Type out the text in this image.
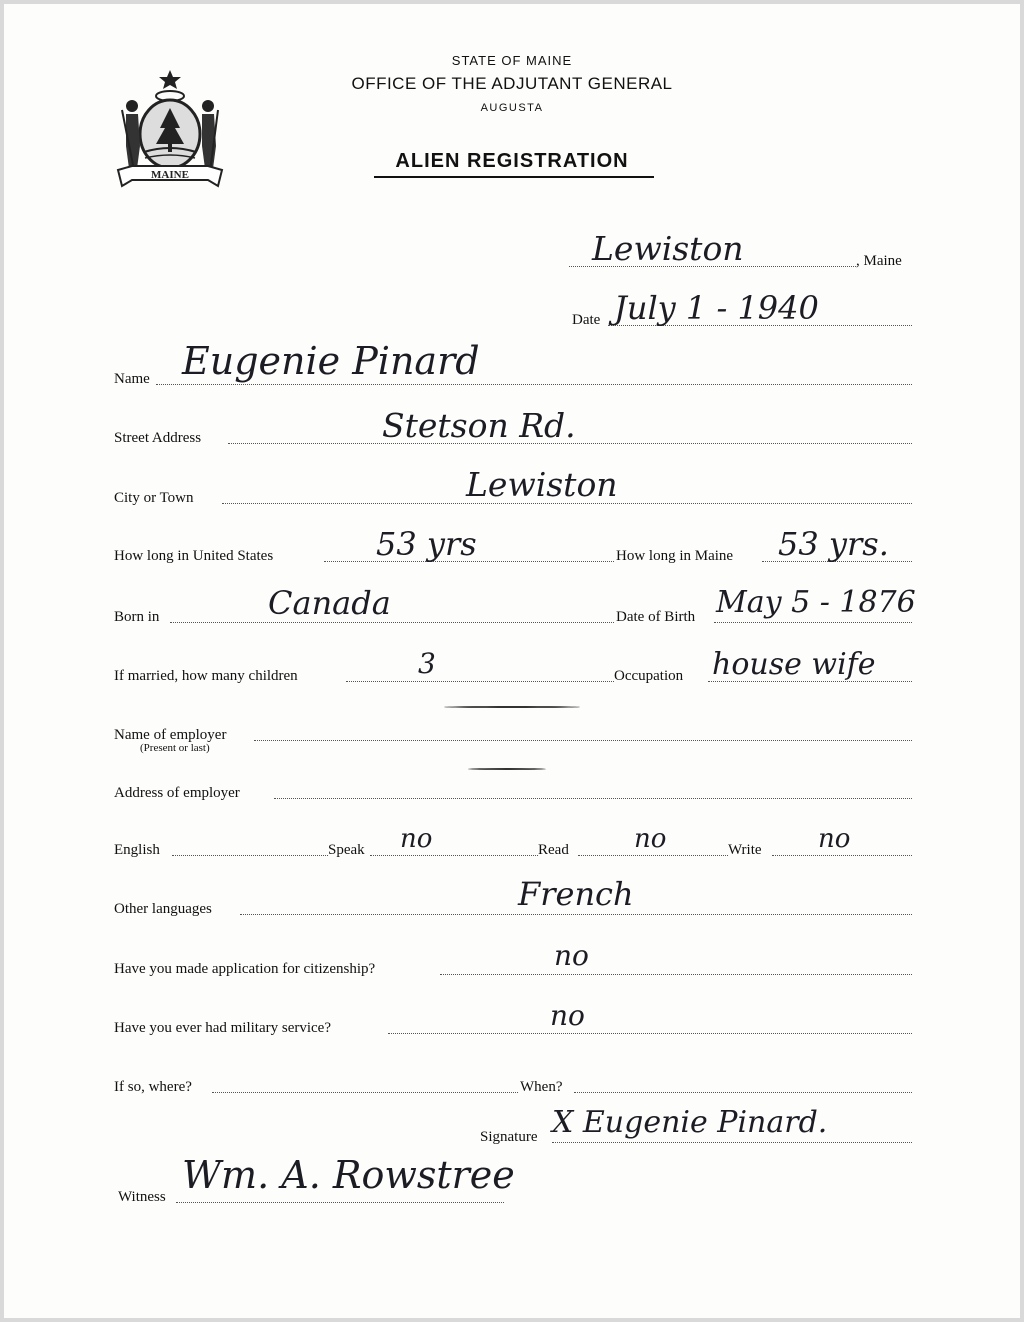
MAINE
STATE OF MAINE
OFFICE OF THE ADJUTANT GENERAL
AUGUSTA
ALIEN REGISTRATION
Lewiston	, Maine
Date July 1 - 1940
Name Eugenie Pinard
Street Address	Stetson Rd.
City or Town	Lewiston
How long in United States	53 yrs	How long in Maine 53 yrs.
Born in	Canada	Date of Birth May 5 - 1876
If married, how many children	3	Occupation house wife
Name of employer
(Present or last)
Address of employer
English	Speak no	Read	no	Write no
Other languages	French
Have you made application for citizenship?	no
Have you ever had military service?	no
If so, where?	When?
Signature X Eugenie Pinard.
Witness Wm. A. Rowstree
